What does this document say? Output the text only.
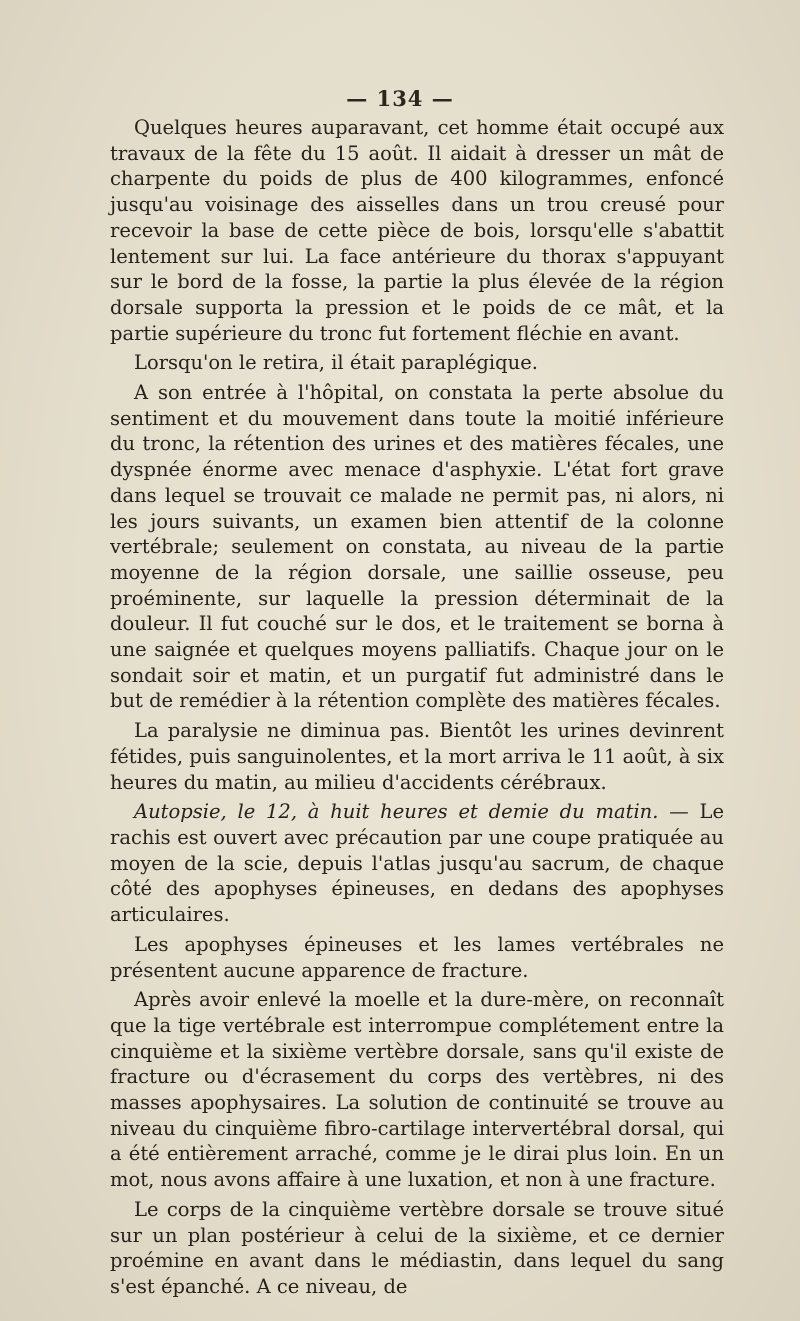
— 134 —

Quelques heures auparavant, cet homme était occupé aux travaux de la fête du 15 août. Il aidait à dresser un mât de charpente du poids de plus de 400 kilogrammes, enfoncé jusqu'au voisinage des aisselles dans un trou creusé pour recevoir la base de cette pièce de bois, lorsqu'elle s'abattit lentement sur lui. La face antérieure du thorax s'appuyant sur le bord de la fosse, la partie la plus élevée de la région dorsale supporta la pression et le poids de ce mât, et la partie supérieure du tronc fut fortement fléchie en avant.

Lorsqu'on le retira, il était paraplégique.

A son entrée à l'hôpital, on constata la perte absolue du sentiment et du mouvement dans toute la moitié inférieure du tronc, la rétention des urines et des matières fécales, une dyspnée énorme avec menace d'asphyxie. L'état fort grave dans lequel se trouvait ce malade ne permit pas, ni alors, ni les jours suivants, un examen bien attentif de la colonne vertébrale; seulement on constata, au niveau de la partie moyenne de la région dorsale, une saillie osseuse, peu proéminente, sur laquelle la pression déterminait de la douleur. Il fut couché sur le dos, et le traitement se borna à une saignée et quelques moyens palliatifs. Chaque jour on le sondait soir et matin, et un purgatif fut administré dans le but de remédier à la rétention complète des matières fécales.

La paralysie ne diminua pas. Bientôt les urines devinrent fétides, puis sanguinolentes, et la mort arriva le 11 août, à six heures du matin, au milieu d'accidents cérébraux.

Autopsie, le 12, à huit heures et demie du matin. — Le rachis est ouvert avec précaution par une coupe pratiquée au moyen de la scie, depuis l'atlas jusqu'au sacrum, de chaque côté des apophyses épineuses, en dedans des apophyses articulaires.

Les apophyses épineuses et les lames vertébrales ne présentent aucune apparence de fracture.

Après avoir enlevé la moelle et la dure-mère, on reconnaît que la tige vertébrale est interrompue complétement entre la cinquième et la sixième vertèbre dorsale, sans qu'il existe de fracture ou d'écrasement du corps des vertèbres, ni des masses apophysaires. La solution de continuité se trouve au niveau du cinquième fibro-cartilage intervertébral dorsal, qui a été entièrement arraché, comme je le dirai plus loin. En un mot, nous avons affaire à une luxation, et non à une fracture.

Le corps de la cinquième vertèbre dorsale se trouve situé sur un plan postérieur à celui de la sixième, et ce dernier proémine en avant dans le médiastin, dans lequel du sang s'est épanché. A ce niveau, de
